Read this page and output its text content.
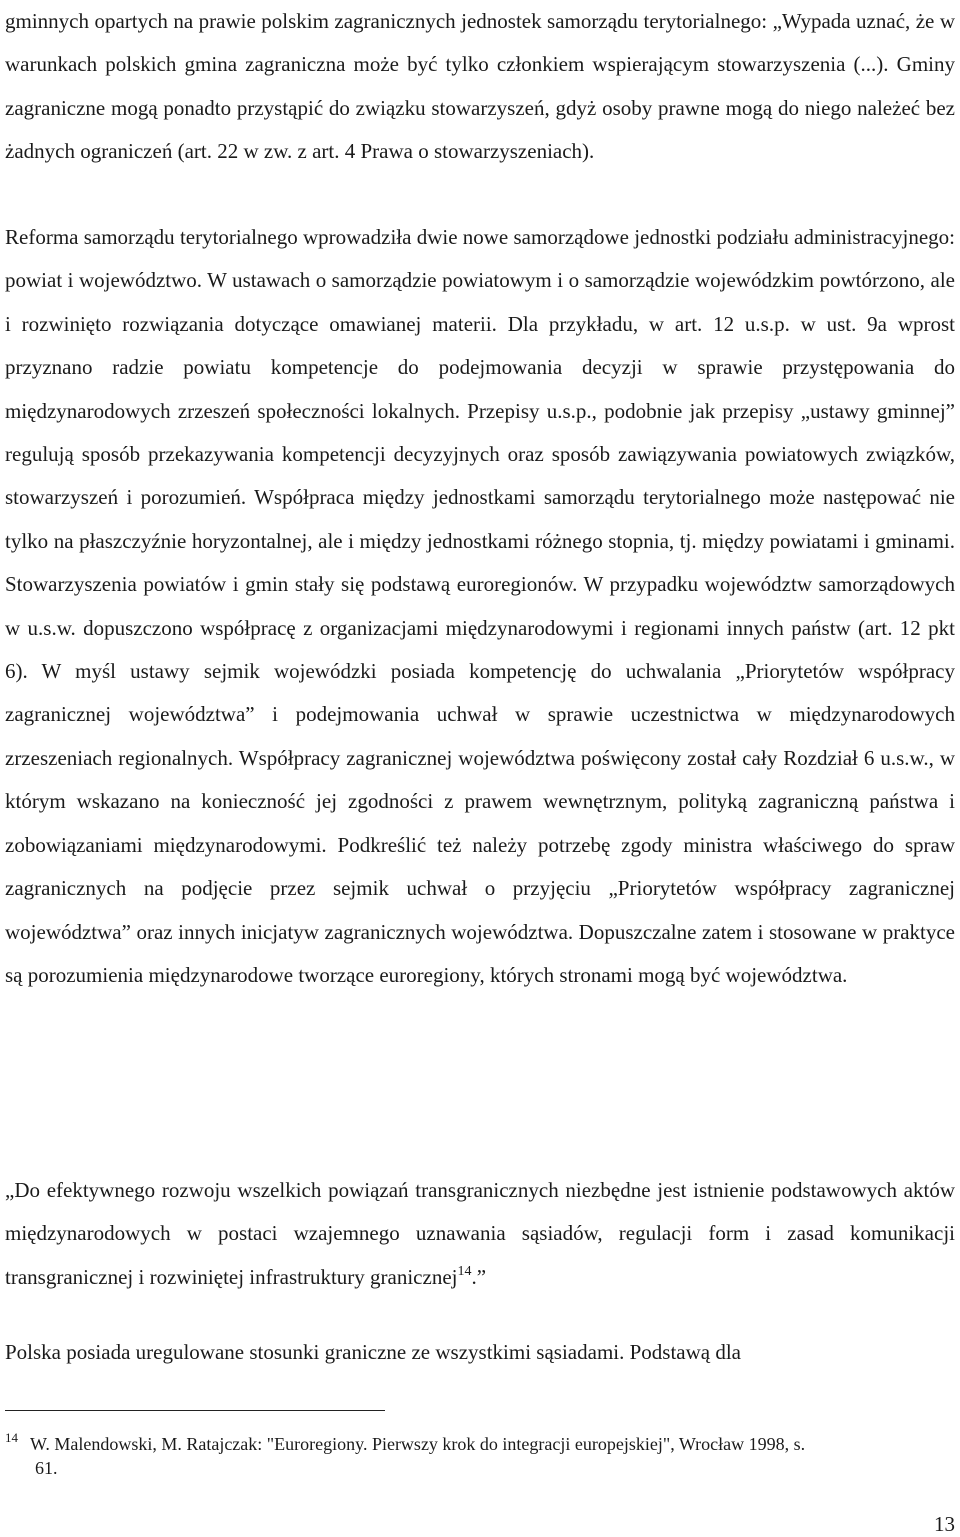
gminnych opartych na prawie polskim zagranicznych jednostek samorządu terytorialnego: „Wypada uznać, że w warunkach polskich gmina zagraniczna może być tylko członkiem wspierającym stowarzyszenia (...). Gminy zagraniczne mogą ponadto przystąpić do związku stowarzyszeń, gdyż osoby prawne mogą do niego należeć bez żadnych ograniczeń (art. 22 w zw. z art. 4 Prawa o stowarzyszeniach).

Reforma samorządu terytorialnego wprowadziła dwie nowe samorządowe jednostki podziału administracyjnego: powiat i województwo. W ustawach o samorządzie powiatowym i o samorządzie wojewódzkim powtórzono, ale i rozwinięto rozwiązania dotyczące omawianej materii. Dla przykładu, w art. 12 u.s.p. w ust. 9a wprost przyznano radzie powiatu kompetencje do podejmowania decyzji w sprawie przystępowania do międzynarodowych zrzeszeń społeczności lokalnych. Przepisy u.s.p., podobnie jak przepisy „ustawy gminnej” regulują sposób przekazywania kompetencji decyzyjnych oraz sposób zawiązywania powiatowych związków, stowarzyszeń i porozumień. Współpraca między jednostkami samorządu terytorialnego może następować nie tylko na płaszczyźnie horyzontalnej, ale i między jednostkami różnego stopnia, tj. między powiatami i gminami. Stowarzyszenia powiatów i gmin stały się podstawą euroregionów. W przypadku województw samorządowych w u.s.w. dopuszczono współpracę z organizacjami międzynarodowymi i regionami innych państw (art. 12 pkt 6). W myśl ustawy sejmik wojewódzki posiada kompetencję do uchwalania „Priorytetów współpracy zagranicznej województwa” i podejmowania uchwał w sprawie uczestnictwa w międzynarodowych zrzeszeniach regionalnych. Współpracy zagranicznej województwa poświęcony został cały Rozdział 6 u.s.w., w którym wskazano na konieczność jej zgodności z prawem wewnętrznym, polityką zagraniczną państwa i zobowiązaniami międzynarodowymi. Podkreślić też należy potrzebę zgody ministra właściwego do spraw zagranicznych na podjęcie przez sejmik uchwał o przyjęciu „Priorytetów współpracy zagranicznej województwa” oraz innych inicjatyw zagranicznych województwa. Dopuszczalne zatem i stosowane w praktyce są porozumienia międzynarodowe tworzące euroregiony, których stronami mogą być województwa.

„Do efektywnego rozwoju wszelkich powiązań transgranicznych niezbędne jest istnienie podstawowych aktów międzynarodowych w postaci wzajemnego uznawania sąsiadów, regulacji form i zasad komunikacji transgranicznej i rozwiniętej infrastruktury granicznej$^{14}$.”

Polska posiada uregulowane stosunki graniczne ze wszystkimi sąsiadami. Podstawą dla

$^{14}$ W. Malendowski, M. Ratajczak: "Euroregiony. Pierwszy krok do integracji europejskiej", Wrocław 1998, s.
61.

13
